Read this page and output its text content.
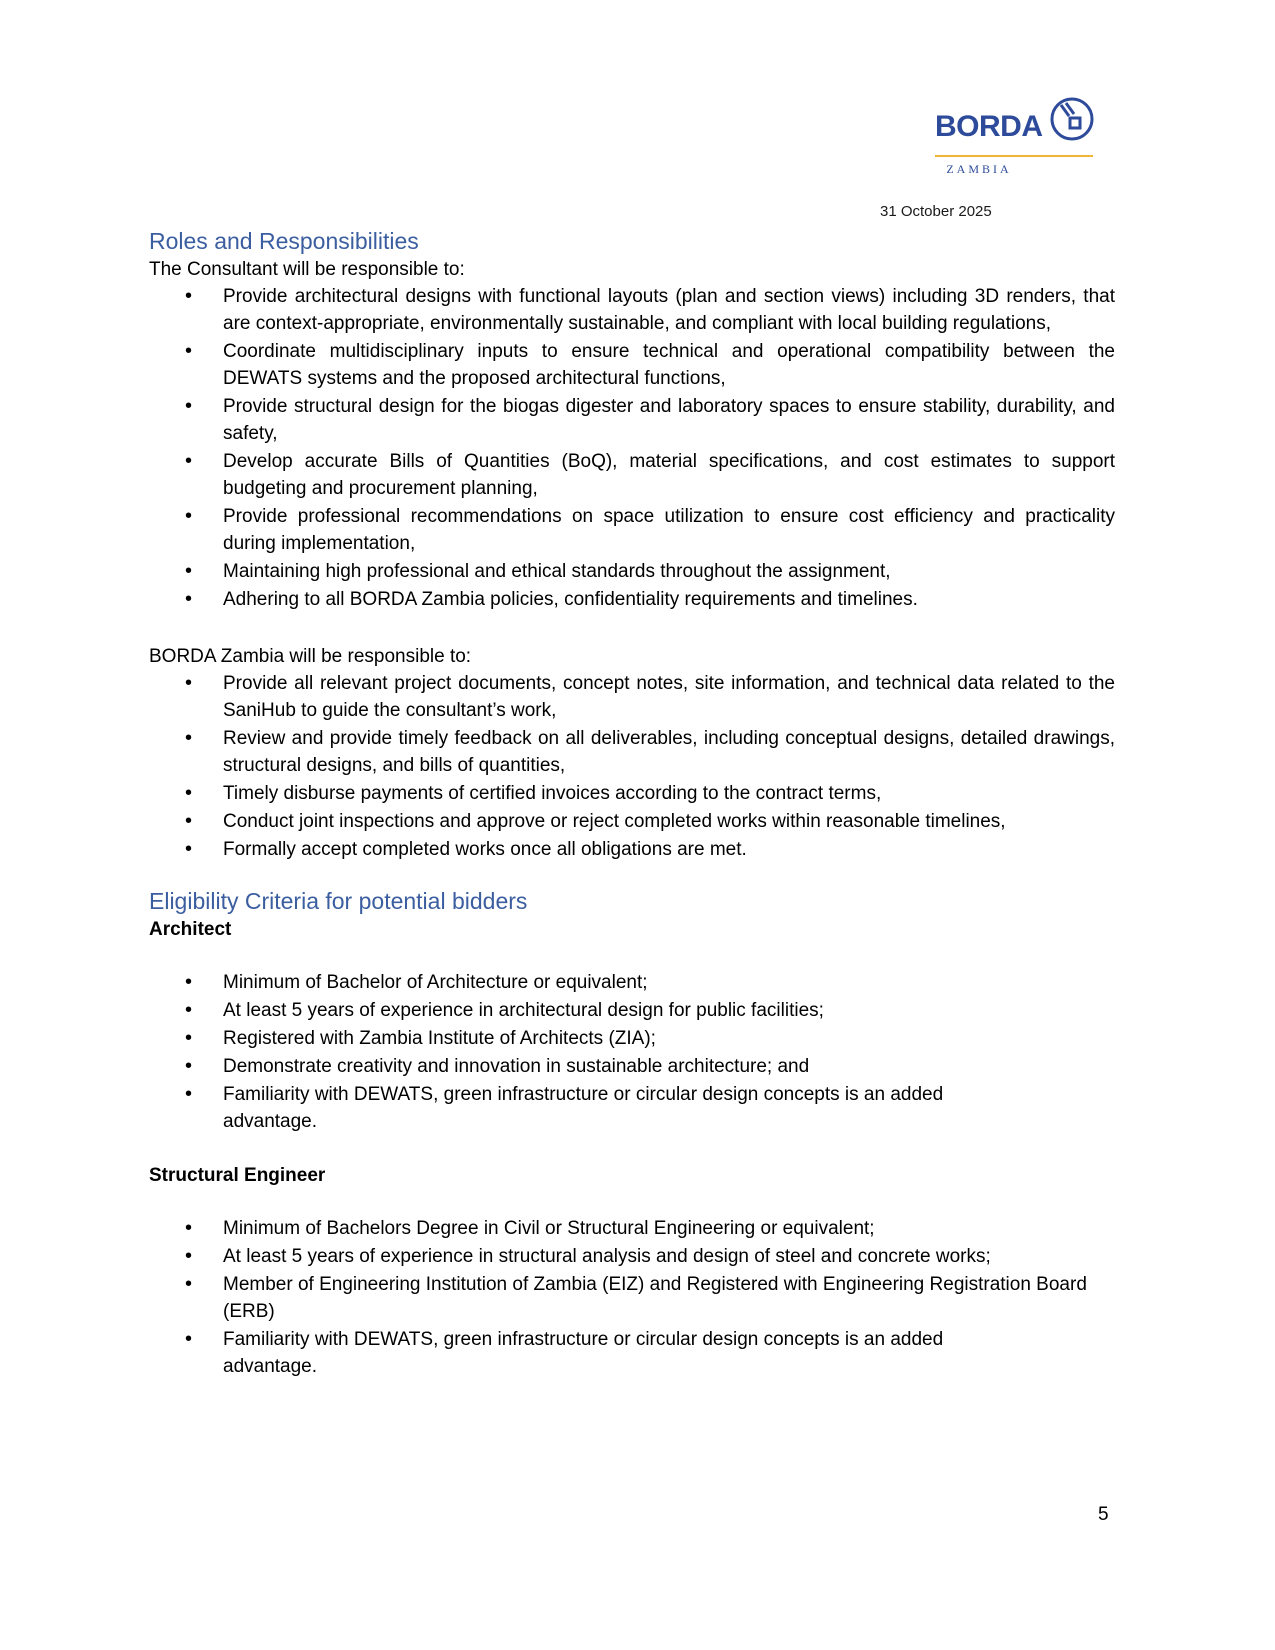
BORDA
ZAMBIA
31 October 2025
Roles and Responsibilities

The Consultant will be responsible to:

• Provide architectural designs with functional layouts (plan and section views) including 3D renders, that are context-appropriate, environmentally sustainable, and compliant with local building regulations,
• Coordinate multidisciplinary inputs to ensure technical and operational compatibility between the DEWATS systems and the proposed architectural functions,
• Provide structural design for the biogas digester and laboratory spaces to ensure stability, durability, and safety,
• Develop accurate Bills of Quantities (BoQ), material specifications, and cost estimates to support budgeting and procurement planning,
• Provide professional recommendations on space utilization to ensure cost efficiency and practicality during implementation,
• Maintaining high professional and ethical standards throughout the assignment,
• Adhering to all BORDA Zambia policies, confidentiality requirements and timelines.

BORDA Zambia will be responsible to:

• Provide all relevant project documents, concept notes, site information, and technical data related to the SaniHub to guide the consultant’s work,
• Review and provide timely feedback on all deliverables, including conceptual designs, detailed drawings, structural designs, and bills of quantities,
• Timely disburse payments of certified invoices according to the contract terms,
• Conduct joint inspections and approve or reject completed works within reasonable timelines,
• Formally accept completed works once all obligations are met.
Eligibility Criteria for potential bidders
Architect
• Minimum of Bachelor of Architecture or equivalent;
• At least 5 years of experience in architectural design for public facilities;
• Registered with Zambia Institute of Architects (ZIA);
• Demonstrate creativity and innovation in sustainable architecture; and
• Familiarity with DEWATS, green infrastructure or circular design concepts is an added advantage.
Structural Engineer
• Minimum of Bachelors Degree in Civil or Structural Engineering or equivalent;
• At least 5 years of experience in structural analysis and design of steel and concrete works;
• Member of Engineering Institution of Zambia (EIZ) and Registered with Engineering Registration Board (ERB)
• Familiarity with DEWATS, green infrastructure or circular design concepts is an added advantage.
5
